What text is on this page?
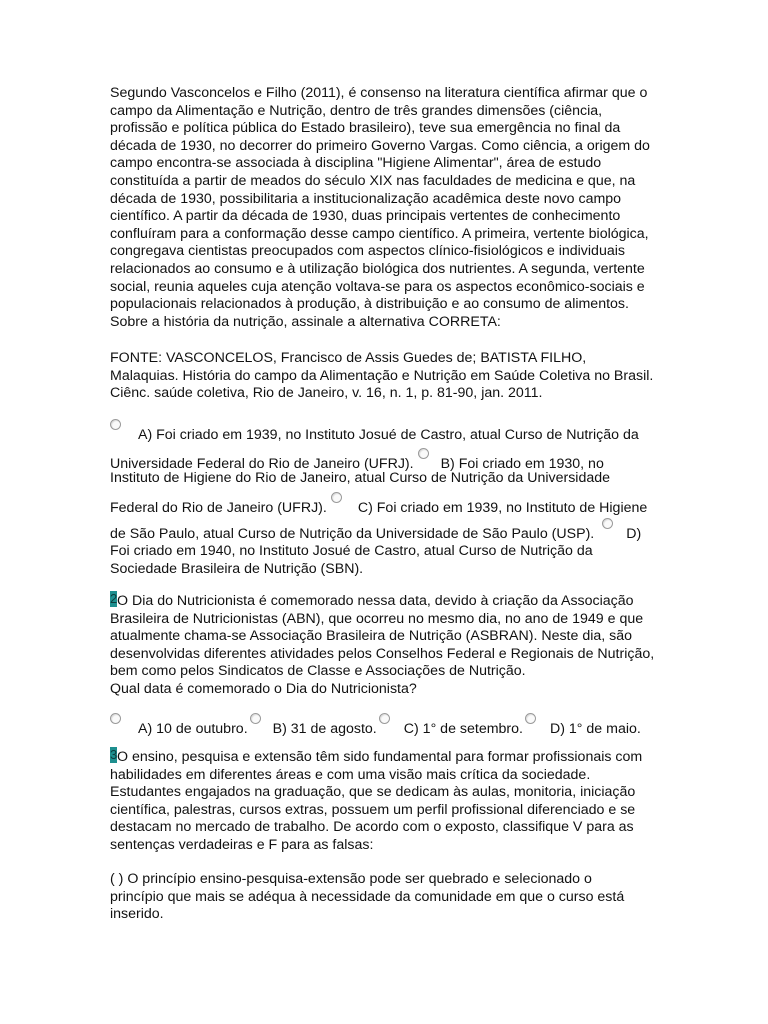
Segundo Vasconcelos e Filho (2011), é consenso na literatura científica afirmar que o

campo da Alimentação e Nutrição, dentro de três grandes dimensões (ciência,

profissão e política pública do Estado brasileiro), teve sua emergência no final da

década de 1930, no decorrer do primeiro Governo Vargas. Como ciência, a origem do

campo encontra-se associada à disciplina "Higiene Alimentar", área de estudo

constituída a partir de meados do século XIX nas faculdades de medicina e que, na

década de 1930, possibilitaria a institucionalização acadêmica deste novo campo

científico. A partir da década de 1930, duas principais vertentes de conhecimento

confluíram para a conformação desse campo científico. A primeira, vertente biológica,

congregava cientistas preocupados com aspectos clínico-fisiológicos e individuais

relacionados ao consumo e à utilização biológica dos nutrientes. A segunda, vertente

social, reunia aqueles cuja atenção voltava-se para os aspectos econômico-sociais e

populacionais relacionados à produção, à distribuição e ao consumo de alimentos.

Sobre a história da nutrição, assinale a alternativa CORRETA:

FONTE: VASCONCELOS, Francisco de Assis Guedes de; BATISTA FILHO,

Malaquias. História do campo da Alimentação e Nutrição em Saúde Coletiva no Brasil.

Ciênc. saúde coletiva, Rio de Janeiro, v. 16, n. 1, p. 81-90, jan. 2011.

A) Foi criado em 1939, no Instituto Josué de Castro, atual Curso de Nutrição da
Universidade Federal do Rio de Janeiro (UFRJ). B) Foi criado em 1930, no

Instituto de Higiene do Rio de Janeiro, atual Curso de Nutrição da Universidade

Federal do Rio de Janeiro (UFRJ). C) Foi criado em 1939, no Instituto de Higiene
de São Paulo, atual Curso de Nutrição da Universidade de São Paulo (USP). D)

Foi criado em 1940, no Instituto Josué de Castro, atual Curso de Nutrição da

Sociedade Brasileira de Nutrição (SBN).

2O Dia do Nutricionista é comemorado nessa data, devido à criação da Associação

Brasileira de Nutricionistas (ABN), que ocorreu no mesmo dia, no ano de 1949 e que

atualmente chama-se Associação Brasileira de Nutrição (ASBRAN). Neste dia, são

desenvolvidas diferentes atividades pelos Conselhos Federal e Regionais de Nutrição,

bem como pelos Sindicatos de Classe e Associações de Nutrição.

Qual data é comemorado o Dia do Nutricionista?

A) 10 de outubro. B) 31 de agosto. C) 1° de setembro. D) 1° de maio.

3O ensino, pesquisa e extensão têm sido fundamental para formar profissionais com

habilidades em diferentes áreas e com uma visão mais crítica da sociedade.

Estudantes engajados na graduação, que se dedicam às aulas, monitoria, iniciação

científica, palestras, cursos extras, possuem um perfil profissional diferenciado e se

destacam no mercado de trabalho. De acordo com o exposto, classifique V para as

sentenças verdadeiras e F para as falsas:

( ) O princípio ensino-pesquisa-extensão pode ser quebrado e selecionado o

princípio que mais se adéqua à necessidade da comunidade em que o curso está

inserido.
